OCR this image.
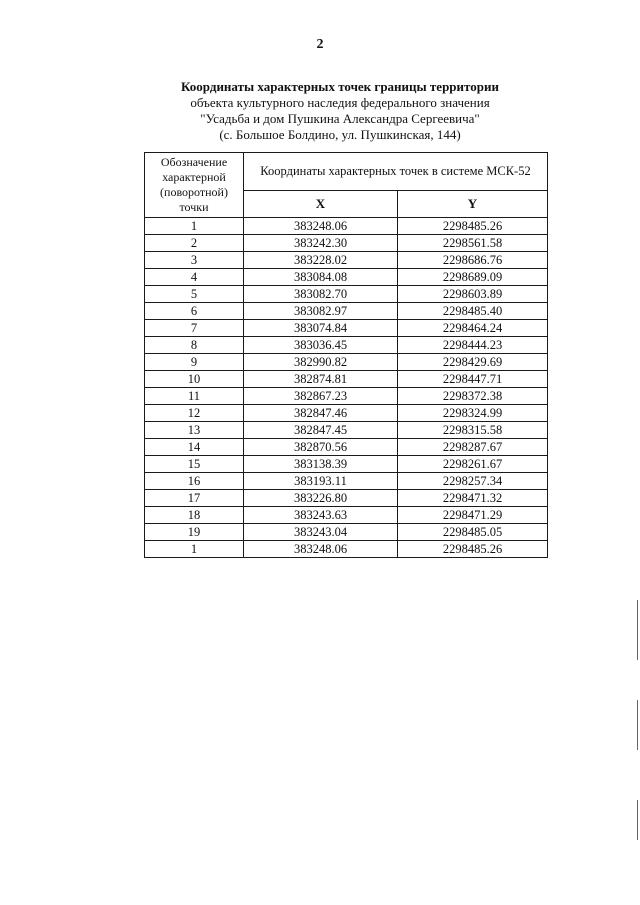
2
Координаты характерных точек границы территории
объекта культурного наследия федерального значения
"Усадьба и дом Пушкина Александра Сергеевича"
(с. Большое Болдино, ул. Пушкинская, 144)
Обозначение характерной (поворотной) точки	Координаты характерных точек в системе МСК-52	
	X	Y
1	383248.06	2298485.26
2	383242.30	2298561.58
3	383228.02	2298686.76
4	383084.08	2298689.09
5	383082.70	2298603.89
6	383082.97	2298485.40
7	383074.84	2298464.24
8	383036.45	2298444.23
9	382990.82	2298429.69
10	382874.81	2298447.71
11	382867.23	2298372.38
12	382847.46	2298324.99
13	382847.45	2298315.58
14	382870.56	2298287.67
15	383138.39	2298261.67
16	383193.11	2298257.34
17	383226.80	2298471.32
18	383243.63	2298471.29
19	383243.04	2298485.05
1	383248.06	2298485.26
